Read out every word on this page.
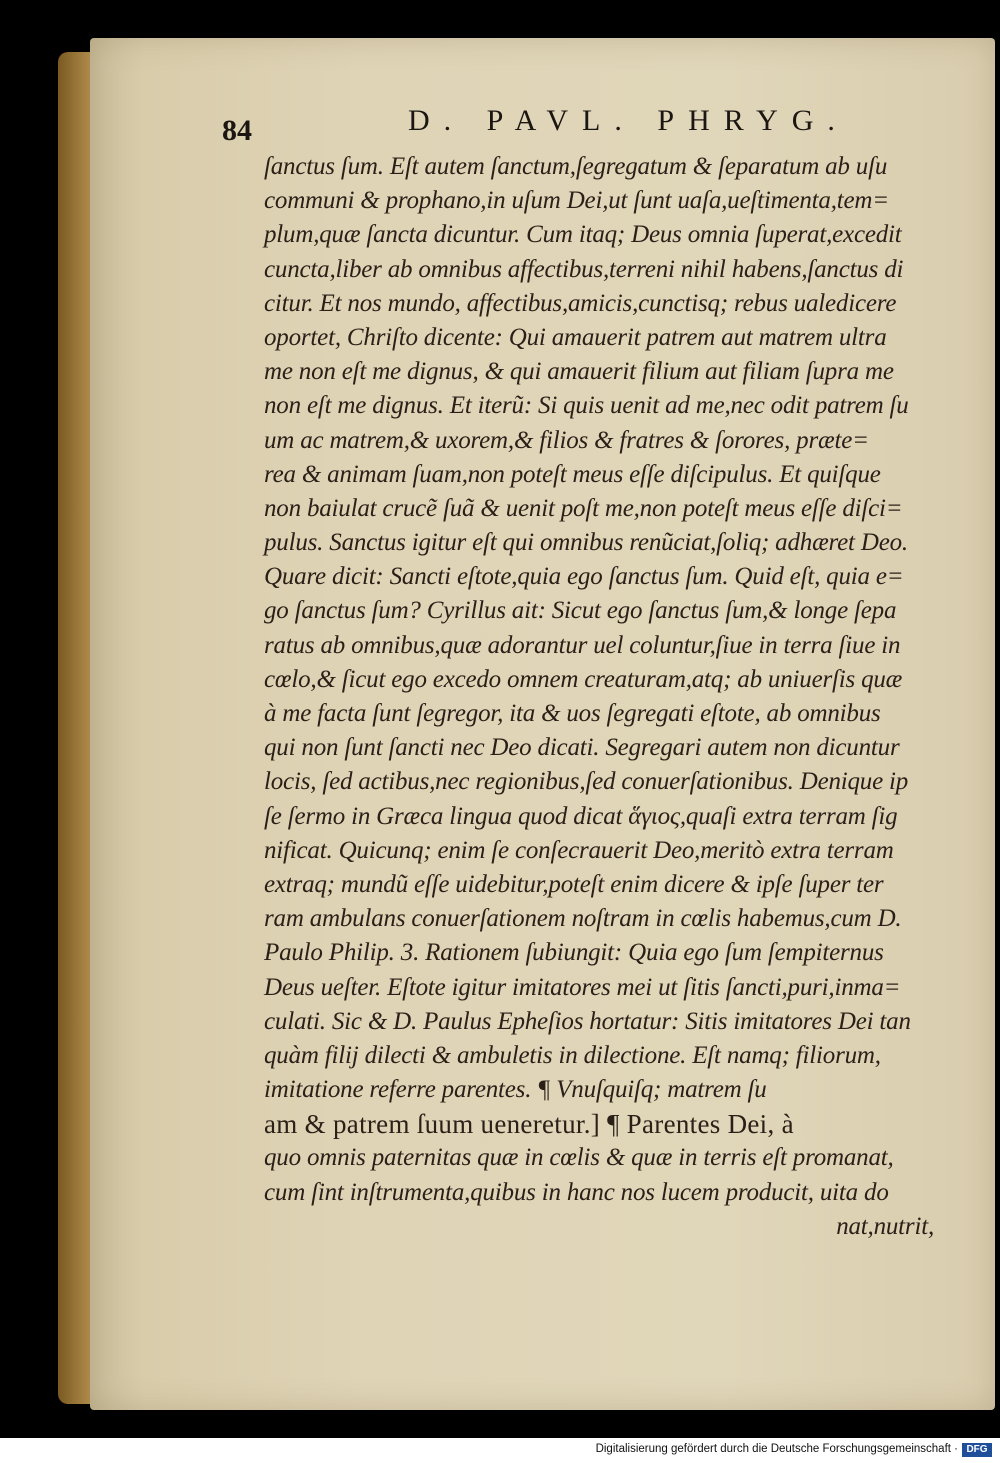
84	D. PAVL. PHRYG.
ſanctus ſum. Eſt autem ſanctum,ſegregatum & ſeparatum ab uſu
communi & prophano,in uſum Dei,ut ſunt uaſa,ueſtimenta,tem=
plum,quæ ſancta dicuntur. Cum itaq; Deus omnia ſuperat,excedit
cuncta,liber ab omnibus affectibus,terreni nihil habens,ſanctus di
citur. Et nos mundo, affectibus,amicis,cunctisq; rebus ualedicere
oportet, Chriſto dicente: Qui amauerit patrem aut matrem ultra
me non eſt me dignus, & qui amauerit filium aut filiam ſupra me
non eſt me dignus. Et iterũ: Si quis uenit ad me,nec odit patrem ſu
um ac matrem,& uxorem,& filios & fratres & ſorores, præte=
rea & animam ſuam,non poteſt meus eſſe diſcipulus. Et quiſque
non baiulat crucẽ ſuã & uenit poſt me,non poteſt meus eſſe diſci=
pulus. Sanctus igitur eſt qui omnibus renũciat,ſoliq; adhæret Deo.
Quare dicit: Sancti eſtote,quia ego ſanctus ſum. Quid eſt, quia e=
go ſanctus ſum? Cyrillus ait: Sicut ego ſanctus ſum,& longe ſepa
ratus ab omnibus,quæ adorantur uel coluntur,ſiue in terra ſiue in
cœlo,& ſicut ego excedo omnem creaturam,atq; ab uniuerſis quæ
à me facta ſunt ſegregor, ita & uos ſegregati eſtote, ab omnibus
qui non ſunt ſancti nec Deo dicati. Segregari autem non dicuntur
locis, ſed actibus,nec regionibus,ſed conuerſationibus. Denique ip
ſe ſermo in Græca lingua quod dicat ἅγιος,quaſi extra terram ſig
nificat. Quicunq; enim ſe conſecrauerit Deo,meritò extra terram
extraq; mundũ eſſe uidebitur,poteſt enim dicere & ipſe ſuper ter
ram ambulans conuerſationem noſtram in cœlis habemus,cum D.
Paulo Philip. 3. Rationem ſubiungit: Quia ego ſum ſempiternus
Deus ueſter. Eſtote igitur imitatores mei ut ſitis ſancti,puri,inma=
culati. Sic & D. Paulus Epheſios hortatur: Sitis imitatores Dei tan
quàm filij dilecti & ambuletis in dilectione. Eſt namq; filiorum,
imitatione referre parentes. ¶ Vnuſquiſq; matrem ſu
am & patrem ſuum ueneretur.] ¶ Parentes Dei, à
quo omnis paternitas quæ in cœlis & quæ in terris eſt promanat,
cum ſint inſtrumenta,quibus in hanc nos lucem producit, uita do
nat,nutrit,
Digitalisierung gefördert durch die Deutsche Forschungsgemeinschaft · DFG
